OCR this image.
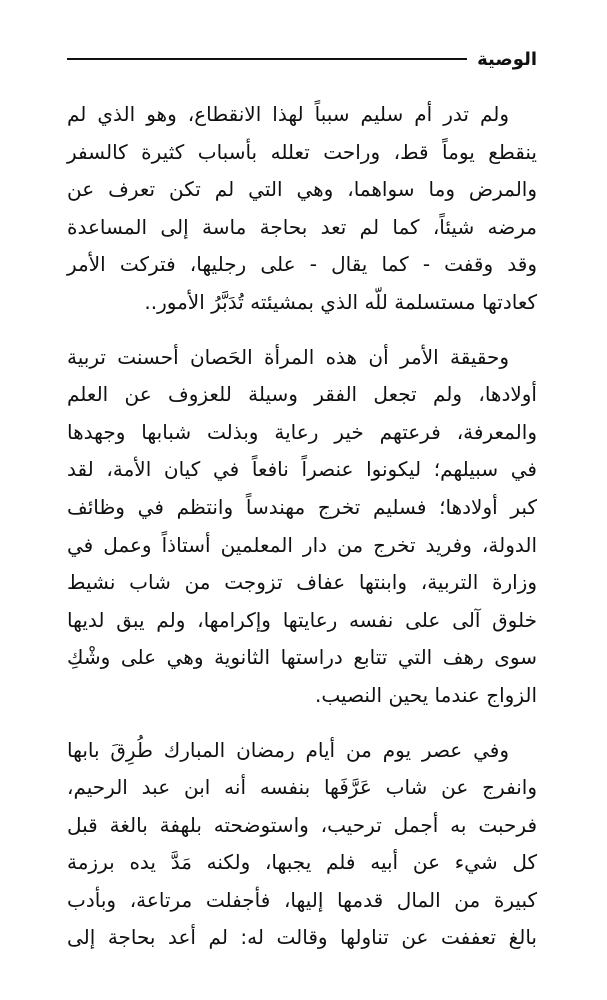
الوصية
ولم تدر أم سليم سبباً لهذا الانقطاع، وهو الذي لم
ينقطع يوماً قط، وراحت تعلله بأسباب كثيرة كالسفر
والمرض وما سواهما، وهي التي لم تكن تعرف عن
مرضه شيئاً، كما لم تعد بحاجة ماسة إلى المساعدة
وقد وقفت - كما يقال - على رجليها، فتركت الأمر
كعادتها مستسلمة للّه الذي بمشيئته تُدَبَّرُ الأمور..
وحقيقة الأمر أن هذه المرأة الحَصان أحسنت تربية
أولادها، ولم تجعل الفقر وسيلة للعزوف عن العلم
والمعرفة، فرعتهم خير رعاية وبذلت شبابها وجهدها
في سبيلهم؛ ليكونوا عنصراً نافعاً في كيان الأمة، لقد
كبر أولادها؛ فسليم تخرج مهندساً وانتظم في وظائف
الدولة، وفريد تخرج من دار المعلمين أستاذاً وعمل في
وزارة التربية، وابنتها عفاف تزوجت من شاب نشيط
خلوق آلى على نفسه رعايتها وإكرامها، ولم يبق لديها
سوى رهف التي تتابع دراستها الثانوية وهي على وشْكِ
الزواج عندما يحين النصيب.
وفي عصر يوم من أيام رمضان المبارك طُرِقَ بابها
وانفرج عن شاب عَرَّفَها بنفسه أنه ابن عبد الرحيم،
فرحبت به أجمل ترحيب، واستوضحته بلهفة بالغة قبل
كل شيء عن أبيه فلم يجبها، ولكنه مَدَّ يده برزمة
كبيرة من المال قدمها إليها، فأجفلت مرتاعة، وبأدب
بالغ تعففت عن تناولها وقالت له: لم أعد بحاجة إلى
